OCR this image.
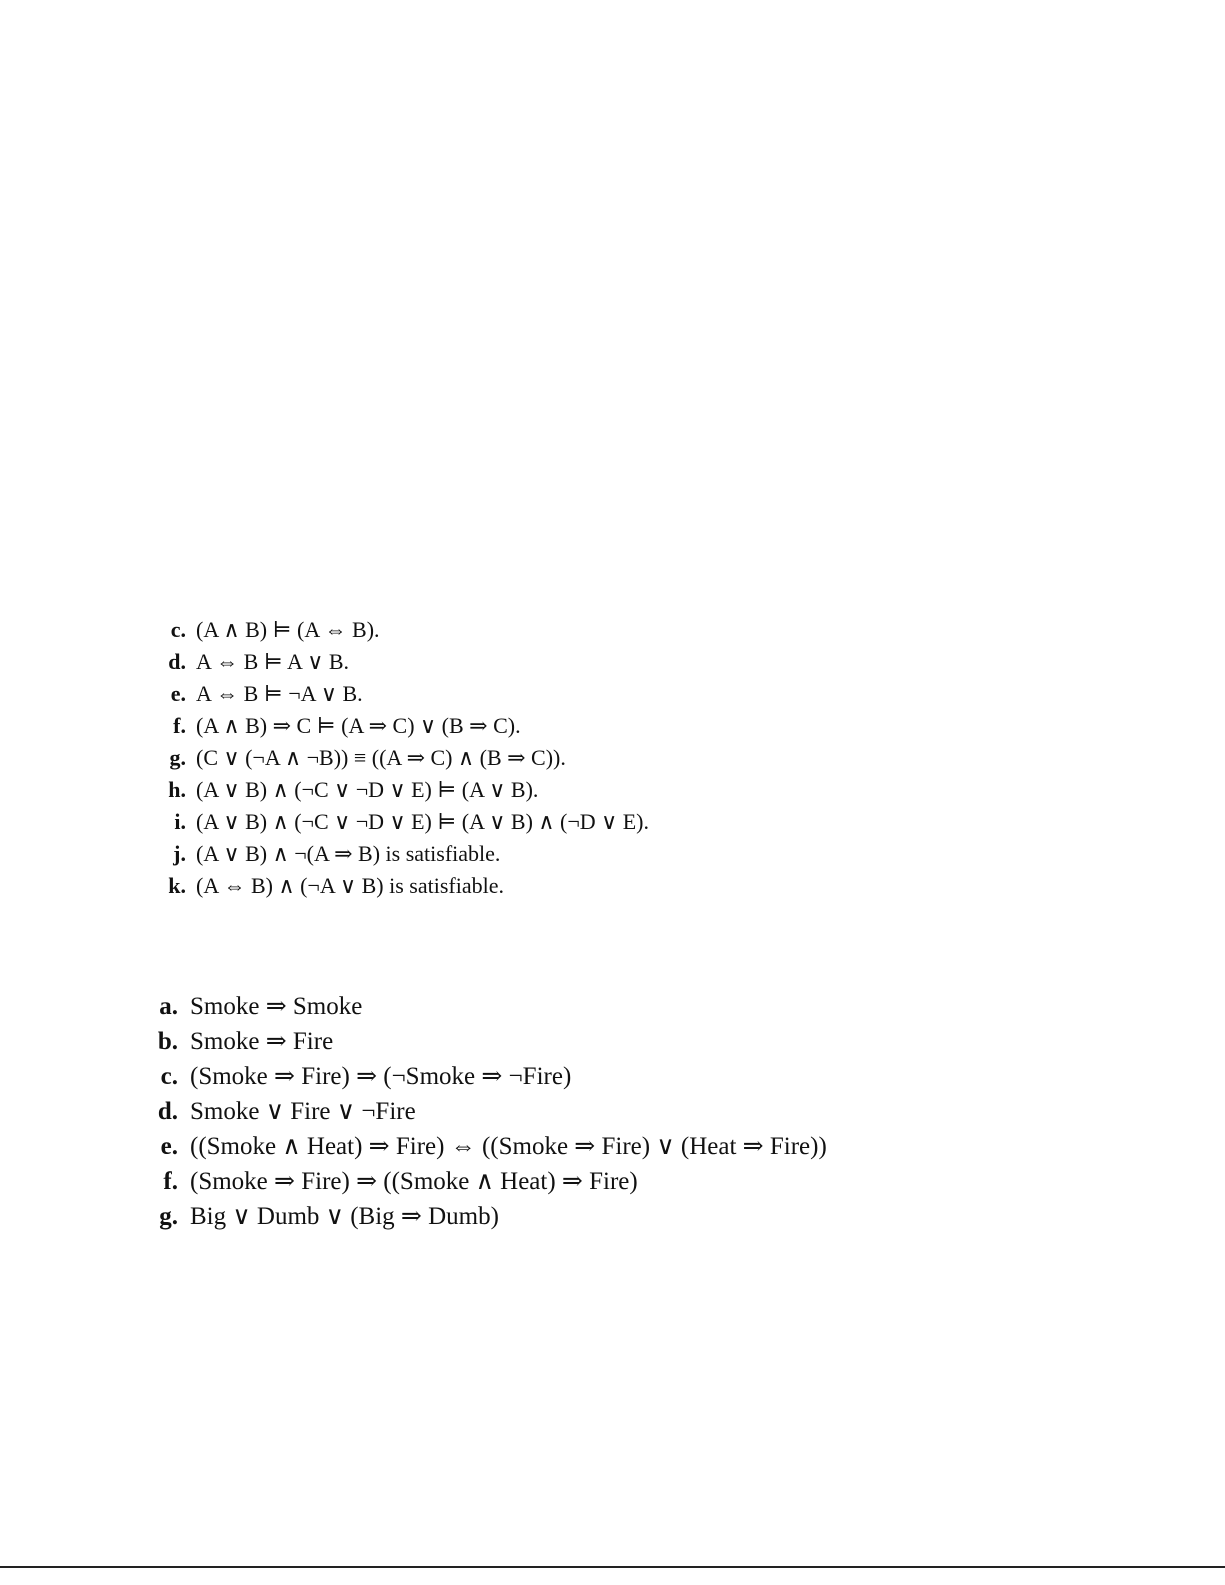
c. (A ∧ B) ⊨ (A ⇔ B).
d. A ⇔ B ⊨ A ∨ B.
e. A ⇔ B ⊨ ¬A ∨ B.
f. (A ∧ B) ⇒ C ⊨ (A ⇒ C) ∨ (B ⇒ C).
g. (C ∨ (¬A ∧ ¬B)) ≡ ((A ⇒ C) ∧ (B ⇒ C)).
h. (A ∨ B) ∧ (¬C ∨ ¬D ∨ E) ⊨ (A ∨ B).
i. (A ∨ B) ∧ (¬C ∨ ¬D ∨ E) ⊨ (A ∨ B) ∧ (¬D ∨ E).
j. (A ∨ B) ∧ ¬(A ⇒ B) is satisfiable.
k. (A ⇔ B) ∧ (¬A ∨ B) is satisfiable.
a. Smoke ⇒ Smoke
b. Smoke ⇒ Fire
c. (Smoke ⇒ Fire) ⇒ (¬Smoke ⇒ ¬Fire)
d. Smoke ∨ Fire ∨ ¬Fire
e. ((Smoke ∧ Heat) ⇒ Fire) ⇔ ((Smoke ⇒ Fire) ∨ (Heat ⇒ Fire))
f. (Smoke ⇒ Fire) ⇒ ((Smoke ∧ Heat) ⇒ Fire)
g. Big ∨ Dumb ∨ (Big ⇒ Dumb)
